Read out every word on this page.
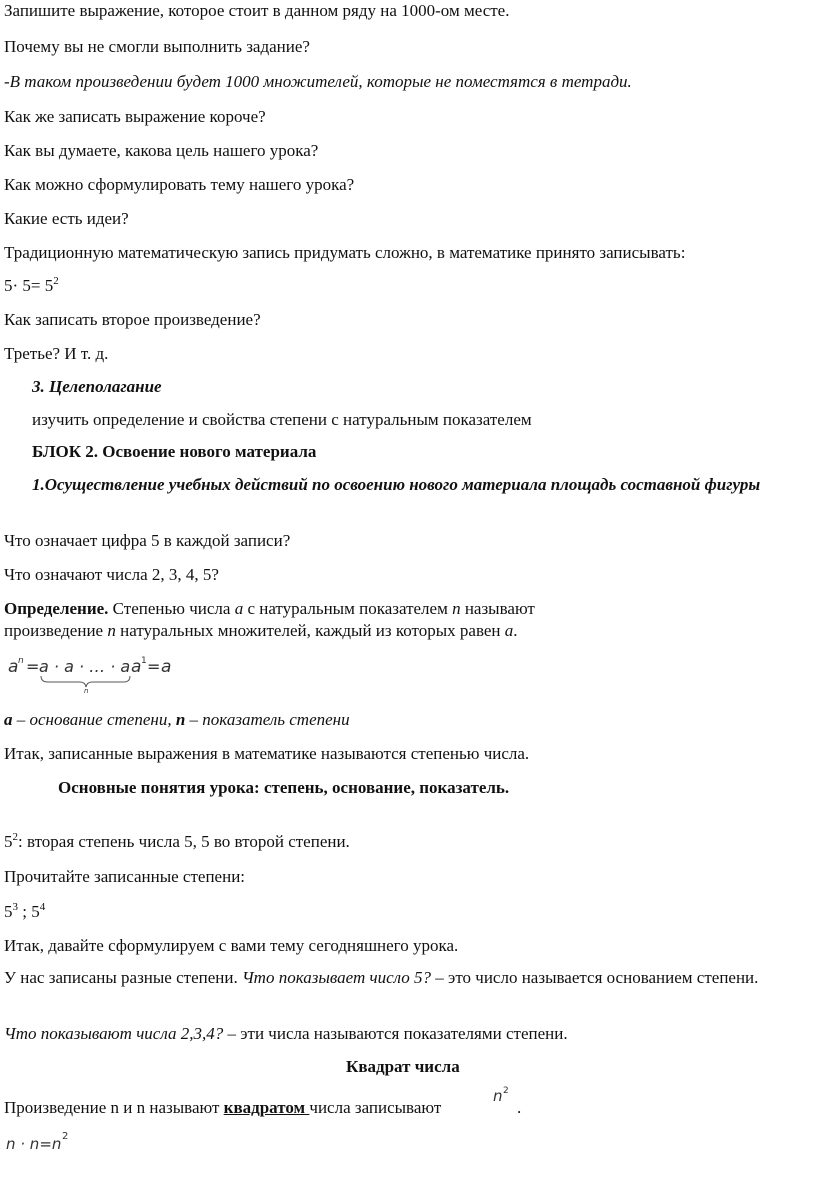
Запишите выражение, которое стоит в данном ряду на 1000-ом месте.
Почему вы не смогли выполнить задание?
-В таком произведении будет 1000 множителей, которые не поместятся в тетради.
Как же записать выражение короче?
Как вы думаете, какова цель нашего урока?
Как можно сформулировать тему нашего урока?
Какие есть идеи?
Традиционную математическую запись придумать сложно, в математике принято записывать:
$5\cdot 5= 5^2$
Как записать второе произведение?
Третье? И т. д.
3. Целеполагание
изучить определение и свойства степени с натуральным показателем
БЛОК 2. Освоение нового материала
1.Осуществление учебных действий по освоению нового материала площадь составной фигуры
Что означает цифра 5 в каждой записи?
Что означают числа 2, 3, 4, 5?
Определение. Степенью числа а с натуральным показателем n называют
произведение n натуральных множителей, каждый из которых равен а.
a n = a · a · … · a
n
a 1 = a
a – основание степени, n – показатель степени
Итак, записанные выражения в математике называются степенью числа.
Основные понятия урока: степень, основание, показатель.
$5^2$: вторая степень числа 5, 5 во второй степени.
Прочитайте записанные степени:
$5^3$ ; $5^4$
Итак, давайте сформулируем с вами тему сегодняшнего урока.
У нас записаны разные степени. Что показывает число 5? – это число называется основанием степени.
Что показывают числа 2,3,4? – эти числа называются показателями степени.
Квадрат числа
Произведение n и n называют квадратом числа записывают
n 2
.
n · n=n 2
